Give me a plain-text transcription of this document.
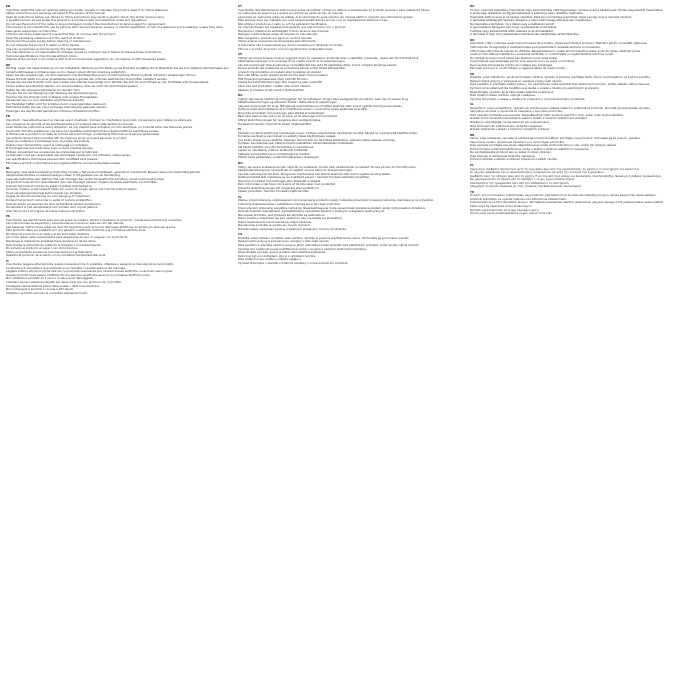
EN
Important: Read this manual carefully before you install, operate or maintain the product. Keep it for future reference.
Safety instructions and warnings are listed in this section of the manual.
Read all instructions before use. Failure to follow instructions may result in electric shock, fire and/or serious injury.
A qualified person should install this product in accordance with local electrical codes and regulations.
Do not use the product if the cable or plug is damaged. Contact the manufacturer or service agent for replacement.
This product is not intended for use by persons with reduced physical, sensory or mental capabilities, or lack of experience and knowledge, unless they have been given supervision or instruction.
Children should be supervised to ensure that they do not play with the product.
Keep the packaging material out of the reach of children.
Disconnect the power supply before cleaning or maintenance.
Do not immerse the product in water or other liquids.
Use only accessories recommended by the manufacturer.
The manufacturer is not responsible for damage caused by improper use or failure to observe these instructions.
Technical specifications may change without notice.
Dispose of the product in accordance with local environmental regulations. Do not dispose of with household waste.
DE
Wichtig: Lesen Sie diese Anleitung vor der Installation, Bedienung oder Wartung des Produkts sorgfältig durch. Bewahren Sie sie zum späteren Nachschlagen auf.
Sicherheitshinweise und Warnungen sind in diesem Abschnitt der Anleitung aufgeführt.
Lesen Sie alle Anweisungen vor dem Gebrauch. Die Nichtbeachtung kann zu Stromschlag, Brand und/oder schweren Verletzungen führen.
Dieses Produkt sollte von einer qualifizierten Person gemäß den örtlichen elektrischen Vorschriften installiert werden.
Verwenden Sie das Produkt nicht, wenn Kabel oder Stecker beschädigt sind. Wenden Sie sich für einen Ersatz an den Hersteller oder Kundendienst.
Kinder sollten beaufsichtigt werden, um sicherzustellen, dass sie nicht mit dem Produkt spielen.
Halten Sie das Verpackungsmaterial von Kindern fern.
Trennen Sie vor der Reinigung oder Wartung die Stromversorgung.
Tauchen Sie das Produkt nicht in Wasser oder andere Flüssigkeiten.
Verwenden Sie nur vom Hersteller empfohlenes Zubehör.
Der Hersteller haftet nicht für Schäden durch unsachgemäßen Gebrauch.
Technische Daten können ohne vorherige Ankündigung geändert werden.
Entsorgen Sie das Produkt gemäß den örtlichen Umweltvorschriften.
FR
Important : lisez attentivement ce manuel avant d'installer, d'utiliser ou d'entretenir le produit. Conservez-le pour référence ultérieure.
Les consignes de sécurité et les avertissements sont indiqués dans cette section du manuel.
Lisez toutes les instructions avant utilisation. Le non-respect peut entraîner un choc électrique, un incendie et/ou des blessures graves.
Ce produit doit être installé par une personne qualifiée conformément aux réglementations électriques locales.
N'utilisez pas le produit si le câble ou la fiche est endommagé. Contactez le fabricant ou le service après-vente.
Les enfants doivent être surveillés afin de s'assurer qu'ils ne jouent pas avec le produit.
Tenez les matériaux d'emballage hors de portée des enfants.
Débranchez l'alimentation avant le nettoyage ou l'entretien.
N'immergez pas le produit dans l'eau ou dans d'autres liquides.
Utilisez uniquement les accessoires recommandés par le fabricant.
Le fabricant n'est pas responsable des dommages causés par une utilisation inappropriée.
Les spécifications techniques peuvent être modifiées sans préavis.
Éliminez le produit conformément aux réglementations environnementales locales.
NL
Belangrijk: lees deze handleiding zorgvuldig voordat u het product installeert, gebruikt of onderhoudt. Bewaar deze voor toekomstig gebruik.
Veiligheidsinstructies en waarschuwingen staan in dit gedeelte van de handleiding.
Lees alle instructies vóór gebruik. Het niet opvolgen kan leiden tot elektrische schokken, brand en/of ernstig letsel.
Dit product moet worden geïnstalleerd door een bevoegd persoon volgens de lokale elektrische voorschriften.
Gebruik het product niet als de kabel of stekker beschadigd is.
Kinderen moeten onder toezicht staan om ervoor te zorgen dat ze niet met het product spelen.
Houd verpakkingsmateriaal buiten bereik van kinderen.
Koppel de stroomvoorziening los vóór reiniging of onderhoud.
Dompel het product niet onder in water of andere vloeistoffen.
Gebruik alleen accessoires die door de fabrikant worden aanbevolen.
De fabrikant is niet aansprakelijk voor schade door onjuist gebruik.
Voer het product af volgens de lokale milieuvoorschriften.
ES
Importante: lea atentamente este manual antes de instalar, utilizar o mantener el producto. Consérvelo para futuras consultas.
Las instrucciones de seguridad y advertencias se indican en esta sección del manual.
Lea todas las instrucciones antes de usar. No seguirlas puede provocar descargas eléctricas, incendios y/o lesiones graves.
Este producto debe ser instalado por una persona cualificada conforme a la normativa eléctrica local.
No utilice el producto si el cable o el enchufe están dañados.
Los niños deben estar supervisados para asegurarse de que no jueguen con el producto.
Mantenga el material de embalaje fuera del alcance de los niños.
Desconecte la alimentación antes de la limpieza o el mantenimiento.
No sumerja el producto en agua ni en otros líquidos.
Utilice únicamente accesorios recomendados por el fabricante.
Deseche el producto de acuerdo con la normativa medioambiental local.
IT
Importante: leggere attentamente questo manuale prima di installare, utilizzare o eseguire la manutenzione del prodotto.
Le istruzioni di sicurezza e le avvertenze sono riportate in questa sezione del manuale.
Leggere tutte le istruzioni prima dell'uso. La mancata osservanza può causare scosse elettriche, incendi e/o lesioni gravi.
Questo prodotto deve essere installato da una persona qualificata secondo le normative elettriche locali.
Non utilizzare il prodotto se il cavo o la spina sono danneggiati.
I bambini devono essere sorvegliati per assicurarsi che non giochino con il prodotto.
Scollegare l'alimentazione prima della pulizia o della manutenzione.
Non immergere il prodotto in acqua o altri liquidi.
Smaltire il prodotto secondo le normative ambientali locali.
PT
Importante: leia atentamente este manual antes de instalar, utilizar ou efetuar a manutenção do produto. Guarde-o para referência futura.
As instruções de segurança e avisos encontram-se nesta secção do manual.
Leia todas as instruções antes de utilizar. O incumprimento pode resultar em choque elétrico, incêndio e/ou ferimentos graves.
Este produto deve ser instalado por uma pessoa qualificada de acordo com os regulamentos elétricos locais.
Não utilize o produto se o cabo ou a ficha estiverem danificados.
As crianças devem ser vigiadas para garantir que não brincam com o produto.
Mantenha o material de embalagem fora do alcance das crianças.
Desligue a alimentação antes da limpeza ou manutenção.
Não mergulhe o produto em água ou noutros líquidos.
Utilize apenas acessórios recomendados pelo fabricante.
O fabricante não é responsável por danos causados por utilização incorreta.
Elimine o produto de acordo com os regulamentos ambientais locais.
SV
Viktigt: läs denna bruksanvisning noggrant innan du installerar, använder eller underhåller produkten. Spara den för framtida bruk.
Säkerhetsanvisningar och varningar finns i detta avsnitt av bruksanvisningen.
Läs alla anvisningar före användning. Underlåtenhet kan leda till elektriska stötar, brand och/eller allvarliga skador.
Denna produkt ska installeras av en behörig person enligt lokala elföreskrifter.
Använd inte produkten om kabeln eller kontakten är skadad.
Barn ska hållas under uppsikt så att de inte leker med produkten.
Håll förpackningsmaterialet utom räckhåll för barn.
Koppla bort strömförsörjningen före rengöring eller underhåll.
Sänk inte ned produkten i vatten eller andra vätskor.
Kassera produkten enligt lokala miljöföreskrifter.
DA
Vigtigt: læs denne vejledning omhyggeligt, før du installerer, bruger eller vedligeholder produktet. Gem den til senere brug.
Sikkerhedsanvisninger og advarsler findes i dette afsnit af vejledningen.
Læs alle anvisninger før brug. Manglende overholdelse kan medføre elektrisk stød, brand og/eller alvorlig personskade.
Dette produkt skal installeres af en kvalificeret person i henhold til lokale elektriske forskrifter.
Brug ikke produktet, hvis ledningen eller stikket er beskadiget.
Børn skal være under opsyn for at sikre, at de ikke leger med produktet.
Afbryd strømforsyningen før rengøring eller vedligeholdelse.
Bortskaf produktet i henhold til lokale miljøforskrifter.
FI
Tärkeää: lue tämä käyttöohje huolellisesti ennen tuotteen asentamista, käyttöä tai huoltoa. Säilytä se myöhempää käyttöä varten.
Turvallisuusohjeet ja varoitukset on esitetty tässä käyttöohjeen osassa.
Lue kaikki ohjeet ennen käyttöä. Ohjeiden laiminlyönti voi aiheuttaa sähköiskun, tulipalon ja/tai vakavan vamman.
Tuotteen saa asentaa vain pätevä henkilö paikallisten sähkömääräysten mukaisesti.
Älä käytä tuotetta, jos johto tai pistoke on vaurioitunut.
Lapsia on valvottava, jotta he eivät leiki tuotteella.
Katkaise virransyöttö ennen puhdistusta tai huoltoa.
Hävitä tuote paikallisten ympäristömääräysten mukaisesti.
NO
Viktig: les denne bruksanvisningen nøye før du installerer, bruker eller vedlikeholder produktet. Ta vare på den for fremtidig bruk.
Sikkerhetsinstruksjoner og advarsler er oppført i denne delen av bruksanvisningen.
Les alle instruksjoner før bruk. Manglende overholdelse kan føre til elektrisk støt, brann og/eller alvorlig skade.
Dette produktet skal installeres av en kvalifisert person i henhold til lokale elektriske forskrifter.
Ikke bruk produktet hvis ledningen eller støpselet er skadet.
Barn må holdes under tilsyn for å sikre at de ikke leker med produktet.
Koble fra strømforsyningen før rengjøring eller vedlikehold.
Kasser produktet i henhold til lokale miljøforskrifter.
PL
Ważne: przed instalacją, użytkowaniem lub konserwacją produktu należy dokładnie przeczytać niniejszą instrukcję. Zachowaj ją na przyszłość.
Instrukcje bezpieczeństwa i ostrzeżenia znajdują się w tej części instrukcji.
Przed użyciem przeczytaj wszystkie instrukcje. Nieprzestrzeganie może spowodować porażenie prądem, pożar i/lub poważne obrażenia.
Produkt powinien zainstalować wykwalifikowany specjalista zgodnie z lokalnymi przepisami elektrycznymi.
Nie używaj produktu, jeśli przewód lub wtyczka są uszkodzone.
Dzieci powinny znajdować się pod nadzorem, aby nie bawiły się produktem.
Przed czyszczeniem lub konserwacją odłącz zasilanie.
Nie zanurzaj produktu w wodzie ani innych cieczach.
Produkt należy utylizować zgodnie z lokalnymi przepisami ochrony środowiska.
CS
Důležité: před instalací, použitím nebo údržbou výrobku si pozorně přečtěte tento návod. Uschovejte jej pro budoucí použití.
Bezpečnostní pokyny a varování jsou uvedeny v této části návodu.
Před použitím si přečtěte všechny pokyny. Jejich nedodržení může způsobit úraz elektrickým proudem, požár a/nebo vážné zranění.
Výrobek smí instalovat pouze kvalifikovaná osoba v souladu s místními elektrickými předpisy.
Nepoužívejte výrobek, pokud je kabel nebo zástrčka poškozená.
Děti musí být pod dohledem, aby si s výrobkem nehrály.
Před čištěním nebo údržbou odpojte napájení.
Výrobek zlikvidujte v souladu s místními předpisy o ochraně životního prostředí.
HU
Fontos: a termék telepítése, használata vagy karbantartása előtt figyelmesen olvassa el ezt a kézikönyvet. Őrizze meg későbbi használatra.
A biztonsági utasítások és figyelmeztetések a kézikönyv ezen részében találhatók.
Használat előtt olvassa el az összes utasítást. Ezek be nem tartása áramütést, tüzet és/vagy súlyos sérülést okozhat.
A terméket szakképzett személy telepítse a helyi villamossági előírásoknak megfelelően.
Ne használja a terméket, ha a kábel vagy a csatlakozó sérült.
A gyermekekre felügyelni kell, hogy ne játsszanak a termékkel.
Tisztítás vagy karbantartás előtt válassza le az áramellátást.
A terméket a helyi környezetvédelmi előírásoknak megfelelően ártalmatlanítsa.
RO
Important: citiți cu atenție acest manual înainte de a instala, utiliza sau întreține produsul. Păstrați-l pentru consultări ulterioare.
Instrucțiunile de siguranță și avertismentele sunt prezentate în această secțiune a manualului.
Citiți toate instrucțiunile înainte de utilizare. Nerespectarea lor poate provoca electrocutare, incendiu și/sau vătămări grave.
Acest produs trebuie instalat de o persoană calificată, în conformitate cu reglementările electrice locale.
Nu utilizați produsul dacă cablul sau ștecherul sunt deteriorate.
Copiii trebuie supravegheați pentru a se asigura că nu se joacă cu produsul.
Deconectați alimentarea înainte de curățare sau întreținere.
Eliminați produsul în conformitate cu reglementările de mediu locale.
SK
Dôležité: pred inštaláciou, používaním alebo údržbou výrobku si pozorne prečítajte tento návod. Uschovajte ho na budúce použitie.
Bezpečnostné pokyny a varovania sú uvedené v tejto časti návodu.
Pred použitím si prečítajte všetky pokyny. Ich nedodržanie môže spôsobiť úraz elektrickým prúdom, požiar a/alebo vážne zranenie.
Výrobok smie inštalovať iba kvalifikovaná osoba v súlade s miestnymi elektrickými predpismi.
Nepoužívajte výrobok, ak je kábel alebo zástrčka poškodená.
Pred čistením alebo údržbou odpojte napájanie.
Výrobok zlikvidujte v súlade s miestnymi predpismi o ochrane životného prostredia.
SL
Pomembno: pred namestitvijo, uporabo ali vzdrževanjem izdelka natančno preberite ta priročnik. Shranite ga za poznejšo uporabo.
Varnostna navodila in opozorila so navedena v tem delu priročnika.
Pred uporabo preberite vsa navodila. Neupoštevanje lahko povzroči električni udar, požar in/ali hude poškodbe.
Izdelek mora namestiti usposobljena oseba v skladu z lokalnimi električnimi predpisi.
Izdelka ne uporabljajte, če sta kabel ali vtič poškodovana.
Pred čiščenjem ali vzdrževanjem izklopite napajanje.
Izdelek odstranite v skladu z lokalnimi okoljskimi predpisi.
HR
Važno: prije instalacije, uporabe ili održavanja proizvoda pažljivo pročitajte ovaj priručnik. Sačuvajte ga za buduću uporabu.
Sigurnosne upute i upozorenja navedeni su u ovom dijelu priručnika.
Prije uporabe pročitajte sve upute. Nepridržavanje može uzrokovati strujni udar, požar i/ili ozbiljne ozljede.
Proizvod treba instalirati kvalificirana osoba u skladu s lokalnim električnim propisima.
Ne upotrebljavajte proizvod ako su kabel ili utikač oštećeni.
Prije čišćenja ili održavanja isključite napajanje.
Proizvod zbrinite u skladu s lokalnim propisima o zaštiti okoliša.
EL
Σημαντικό: διαβάστε προσεκτικά αυτό το εγχειρίδιο πριν από την εγκατάσταση, τη χρήση ή τη συντήρηση του προϊόντος.
Οι οδηγίες ασφαλείας και οι προειδοποιήσεις αναφέρονται σε αυτή την ενότητα του εγχειριδίου.
Διαβάστε όλες τις οδηγίες πριν από τη χρήση. Η μη τήρησή τους μπορεί να προκαλέσει ηλεκτροπληξία, πυρκαγιά ή σοβαρό τραυματισμό.
Μη χρησιμοποιείτε το προϊόν εάν το καλώδιο ή το φις έχουν υποστεί ζημιά.
Αποσυνδέστε την τροφοδοσία πριν από τον καθαρισμό ή τη συντήρηση.
Απορρίψτε το προϊόν σύμφωνα με τους τοπικούς περιβαλλοντικούς κανονισμούς.
TR
Önemli: ürünü kurmadan, kullanmadan veya bakımını yapmadan önce bu kılavuzu dikkatlice okuyun. İleride başvurmak üzere saklayın.
Güvenlik talimatları ve uyarılar kılavuzun bu bölümünde listelenmiştir.
Kullanmadan önce tüm talimatları okuyun. Talimatlara uyulmaması elektrik çarpmasına, yangına ve/veya ciddi yaralanmalara neden olabilir.
Kablo veya fiş hasarlıysa ürünü kullanmayın.
Temizlik veya bakımdan önce güç kaynağını ayırın.
Ürünü yerel çevre yönetmeliklerine uygun olarak imha edin.
